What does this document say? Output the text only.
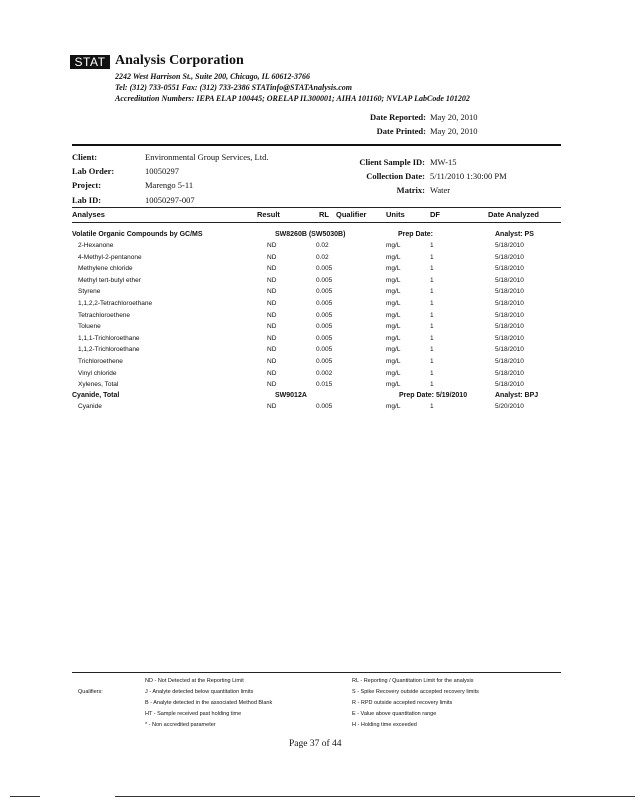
STAT Analysis Corporation
2242 West Harrison St., Suite 200, Chicago, IL 60612-3766
Tel: (312) 733-0551 Fax: (312) 733-2386 STATinfo@STATAnalysis.com
Accreditation Numbers: IEPA ELAP 100445; ORELAP IL300001; AIHA 101160; NVLAP LabCode 101202
Date Reported: May 20, 2010
Date Printed: May 20, 2010
Client:	Environmental Group Services, Ltd.
Lab Order:	10050297
Project:	Marengo 5-11
Lab ID:	10050297-007
Client Sample ID: MW-15
Collection Date: 5/11/2010 1:30:00 PM
Matrix: Water
Analyses	Result	RL Qualifier	Units	DF	Date Analyzed
Volatile Organic Compounds by GC/MS	SW8260B (SW5030B)	Prep Date:	Analyst: PS
2-Hexanone	ND	0.02	mg/L	1	5/18/2010
4-Methyl-2-pentanone	ND	0.02	mg/L	1	5/18/2010
Methylene chloride	ND	0.005	mg/L	1	5/18/2010
Methyl tert-butyl ether	ND	0.005	mg/L	1	5/18/2010
Styrene	ND	0.005	mg/L	1	5/18/2010
1,1,2,2-Tetrachloroethane	ND	0.005	mg/L	1	5/18/2010
Tetrachloroethene	ND	0.005	mg/L	1	5/18/2010
Toluene	ND	0.005	mg/L	1	5/18/2010
1,1,1-Trichloroethane	ND	0.005	mg/L	1	5/18/2010
1,1,2-Trichloroethane	ND	0.005	mg/L	1	5/18/2010
Trichloroethene	ND	0.005	mg/L	1	5/18/2010
Vinyl chloride	ND	0.002	mg/L	1	5/18/2010
Xylenes, Total	ND	0.015	mg/L	1	5/18/2010
Cyanide, Total	SW9012A	Prep Date: 5/19/2010	Analyst: BPJ
Cyanide	ND	0.005	mg/L	1	5/20/2010
Qualifiers:
ND - Not Detected at the Reporting Limit
J - Analyte detected below quantitation limits
B - Analyte detected in the associated Method Blank
HT - Sample received past holding time
* - Non accredited parameter
RL - Reporting / Quantitation Limit for the analysis
S - Spike Recovery outside accepted recovery limits
R - RPD outside accepted recovery limits
E - Value above quantitation range
H - Holding time exceeded
Page 37 of 44
